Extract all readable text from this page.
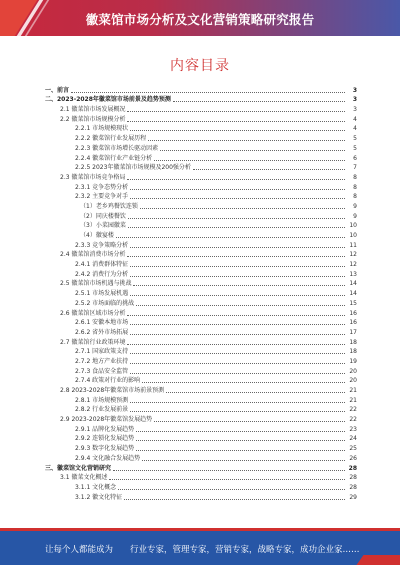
徽菜馆市场分析及文化营销策略研究报告
内容目录
一、前言	3
二、2023-2028年徽菜馆市场前景及趋势预测	3
2.1 徽菜馆市场发展概况	3
2.2 徽菜馆市场规模分析	4
2.2.1 市场规模现状	4
2.2.2 徽菜馆行业发展历程	5
2.2.3 徽菜馆市场增长驱动因素	5
2.2.4 徽菜馆行业产业链分析	6
2.2.5 2023年徽菜馆市场规模及200强分析	7
2.3 徽菜馆市场竞争格局	8
2.3.1 竞争态势分析	8
2.3.2 主要竞争对手	8
（1）老乡鸡餐饮连锁	9
（2）同庆楼餐饮	9
（3）小菜园徽菜	10
（4）徽宴楼	10
2.3.3 竞争策略分析	11
2.4 徽菜馆消费市场分析	12
2.4.1 消费群体特征	12
2.4.2 消费行为分析	13
2.5 徽菜馆市场机遇与挑战	14
2.5.1 市场发展机遇	14
2.5.2 市场面临的挑战	15
2.6 徽菜馆区域市场分析	16
2.6.1 安徽本地市场	16
2.6.2 省外市场拓展	17
2.7 徽菜馆行业政策环境	18
2.7.1 国家政策支持	18
2.7.2 地方产业扶持	19
2.7.3 食品安全监管	20
2.7.4 政策对行业的影响	20
2.8 2023-2028年徽菜馆市场前景预测	21
2.8.1 市场规模预测	21
2.8.2 行业发展前景	22
2.9 2023-2028年徽菜馆发展趋势	22
2.9.1 品牌化发展趋势	23
2.9.2 连锁化发展趋势	24
2.9.3 数字化发展趋势	25
2.9.4 文化融合发展趋势	26
三、徽菜馆文化营销研究	28
3.1 徽菜文化概述	28
3.1.1 文化概念	28
3.1.2 徽文化特征	29
让每个人都能成为 行业专家，管理专家，营销专家，战略专家，成功企业家……
